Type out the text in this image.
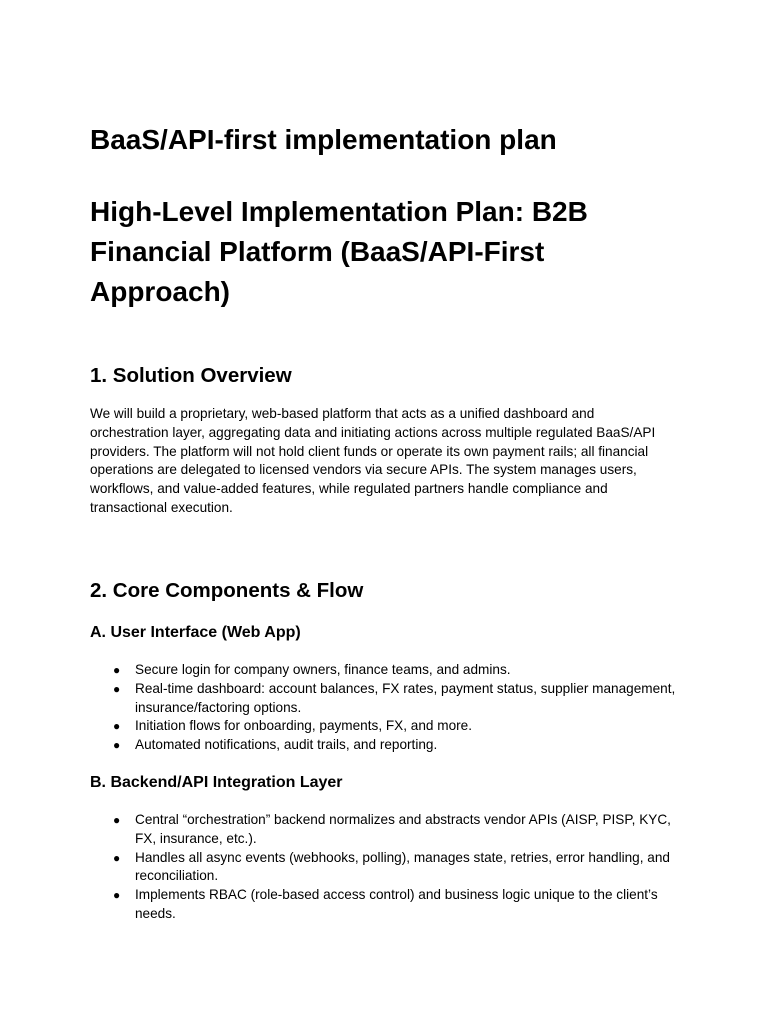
BaaS/API-first implementation plan
High-Level Implementation Plan: B2B Financial Platform (BaaS/API-First Approach)
1. Solution Overview

We will build a proprietary, web-based platform that acts as a unified dashboard and orchestration layer, aggregating data and initiating actions across multiple regulated BaaS/API providers. The platform will not hold client funds or operate its own payment rails; all financial operations are delegated to licensed vendors via secure APIs. The system manages users, workflows, and value-added features, while regulated partners handle compliance and transactional execution.

2. Core Components & Flow
A. User Interface (Web App)
● Secure login for company owners, finance teams, and admins.
● Real-time dashboard: account balances, FX rates, payment status, supplier management, insurance/factoring options.
● Initiation flows for onboarding, payments, FX, and more.
● Automated notifications, audit trails, and reporting.
B. Backend/API Integration Layer
● Central “orchestration” backend normalizes and abstracts vendor APIs (AISP, PISP, KYC, FX, insurance, etc.).
● Handles all async events (webhooks, polling), manages state, retries, error handling, and reconciliation.
● Implements RBAC (role-based access control) and business logic unique to the client’s needs.
